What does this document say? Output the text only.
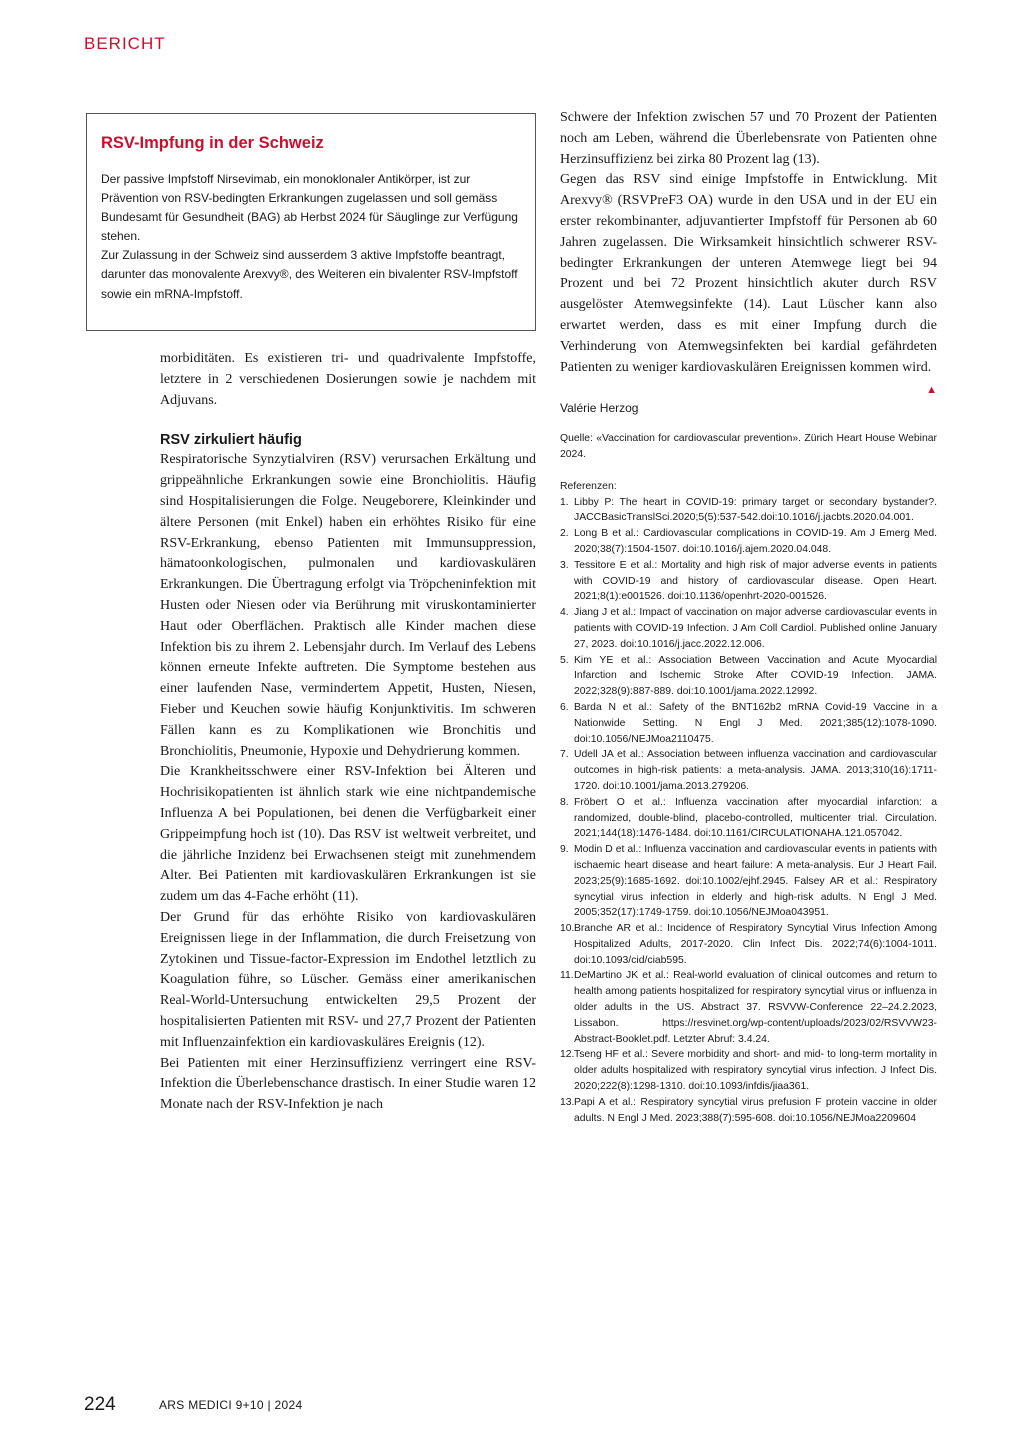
BERICHT
RSV-Impfung in der Schweiz

Der passive Impfstoff Nirsevimab, ein monoklonaler Antikörper, ist zur Prävention von RSV-bedingten Erkrankungen zugelassen und soll gemäss Bundesamt für Gesundheit (BAG) ab Herbst 2024 für Säuglinge zur Verfügung stehen.

Zur Zulassung in der Schweiz sind ausserdem 3 aktive Impfstoffe beantragt, darunter das monovalente Arexvy®, des Weiteren ein bivalenter RSV-Impfstoff sowie ein mRNA-Impfstoff.

morbiditäten. Es existieren tri- und quadrivalente Impfstoffe, letztere in 2 verschiedenen Dosierungen sowie je nachdem mit Adjuvans.

RSV zirkuliert häufig

Respiratorische Synzytialviren (RSV) verursachen Erkältung und grippeähnliche Erkrankungen sowie eine Bronchiolitis. Häufig sind Hospitalisierungen die Folge. Neugeborere, Kleinkinder und ältere Personen (mit Enkel) haben ein erhöhtes Risiko für eine RSV-Erkrankung, ebenso Patienten mit Immunsuppression, hämatoonkologischen, pulmonalen und kardiovaskulären Erkrankungen. Die Übertragung erfolgt via Tröpcheninfektion mit Husten oder Niesen oder via Berührung mit viruskontaminierter Haut oder Oberflächen. Praktisch alle Kinder machen diese Infektion bis zu ihrem 2. Lebensjahr durch. Im Verlauf des Lebens können erneute Infekte auftreten. Die Symptome bestehen aus einer laufenden Nase, vermindertem Appetit, Husten, Niesen, Fieber und Keuchen sowie häufig Konjunktivitis. Im schweren Fällen kann es zu Komplikationen wie Bronchitis und Bronchiolitis, Pneumonie, Hypoxie und Dehydrierung kommen.

Die Krankheitsschwere einer RSV-Infektion bei Älteren und Hochrisikopatienten ist ähnlich stark wie eine nichtpandemische Influenza A bei Populationen, bei denen die Verfügbarkeit einer Grippeimpfung hoch ist (10). Das RSV ist weltweit verbreitet, und die jährliche Inzidenz bei Erwachsenen steigt mit zunehmendem Alter. Bei Patienten mit kardiovaskulären Erkrankungen ist sie zudem um das 4-Fache erhöht (11).

Der Grund für das erhöhte Risiko von kardiovaskulären Ereignissen liege in der Inflammation, die durch Freisetzung von Zytokinen und Tissue-factor-Expression im Endothel letztlich zu Koagulation führe, so Lüscher. Gemäss einer amerikanischen Real-World-Untersuchung entwickelten 29,5 Prozent der hospitalisierten Patienten mit RSV- und 27,7 Prozent der Patienten mit Influenzainfektion ein kardiovaskuläres Ereignis (12).

Bei Patienten mit einer Herzinsuffizienz verringert eine RSV-Infektion die Überlebenschance drastisch. In einer Studie waren 12 Monate nach der RSV-Infektion je nach

Schwere der Infektion zwischen 57 und 70 Prozent der Patienten noch am Leben, während die Überlebensrate von Patienten ohne Herzinsuffizienz bei zirka 80 Prozent lag (13).

Gegen das RSV sind einige Impfstoffe in Entwicklung. Mit Arexvy® (RSVPreF3 OA) wurde in den USA und in der EU ein erster rekombinanter, adjuvantierter Impfstoff für Personen ab 60 Jahren zugelassen. Die Wirksamkeit hinsichtlich schwerer RSV-bedingter Erkrankungen der unteren Atemwege liegt bei 94 Prozent und bei 72 Prozent hinsichtlich akuter durch RSV ausgelöster Atemwegsinfekte (14). Laut Lüscher kann also erwartet werden, dass es mit einer Impfung durch die Verhinderung von Atemwegsinfekten bei kardial gefährdeten Patienten zu weniger kardiovaskulären Ereignissen kommen wird.
▲

Valérie Herzog
Quelle: «Vaccination for cardiovascular prevention». Zürich Heart House Webinar 2024.
Referenzen:
1. Libby P: The heart in COVID-19: primary target or secondary bystander?. JACCBasicTranslSci.2020;5(5):537-542.doi:10.1016/j.jacbts.2020.04.001.
2. Long B et al.: Cardiovascular complications in COVID-19. Am J Emerg Med. 2020;38(7):1504-1507. doi:10.1016/j.ajem.2020.04.048.
3. Tessitore E et al.: Mortality and high risk of major adverse events in patients with COVID-19 and history of cardiovascular disease. Open Heart. 2021;8(1):e001526. doi:10.1136/openhrt-2020-001526.
4. Jiang J et al.: Impact of vaccination on major adverse cardiovascular events in patients with COVID-19 Infection. J Am Coll Cardiol. Published online January 27, 2023. doi:10.1016/j.jacc.2022.12.006.
5. Kim YE et al.: Association Between Vaccination and Acute Myocardial Infarction and Ischemic Stroke After COVID-19 Infection. JAMA. 2022;328(9):887-889. doi:10.1001/jama.2022.12992.
6. Barda N et al.: Safety of the BNT162b2 mRNA Covid-19 Vaccine in a Nationwide Setting. N Engl J Med. 2021;385(12):1078-1090. doi:10.1056/NEJMoa2110475.
7. Udell JA et al.: Association between influenza vaccination and cardiovascular outcomes in high-risk patients: a meta-analysis. JAMA. 2013;310(16):1711-1720. doi:10.1001/jama.2013.279206.
8. Fröbert O et al.: Influenza vaccination after myocardial infarction: a randomized, double-blind, placebo-controlled, multicenter trial. Circulation. 2021;144(18):1476-1484. doi:10.1161/CIRCULATIONAHA.121.057042.
9. Modin D et al.: Influenza vaccination and cardiovascular events in patients with ischaemic heart disease and heart failure: A meta-analysis. Eur J Heart Fail. 2023;25(9):1685-1692. doi:10.1002/ejhf.2945. Falsey AR et al.: Respiratory syncytial virus infection in elderly and high-risk adults. N Engl J Med. 2005;352(17):1749-1759. doi:10.1056/NEJMoa043951.
10. Branche AR et al.: Incidence of Respiratory Syncytial Virus Infection Among Hospitalized Adults, 2017-2020. Clin Infect Dis. 2022;74(6):1004-1011. doi:10.1093/cid/ciab595.
11. DeMartino JK et al.: Real-world evaluation of clinical outcomes and return to health among patients hospitalized for respiratory syncytial virus or influenza in older adults in the US. Abstract 37. RSVVW-Conference 22–24.2.2023, Lissabon. https://resvinet.org/wp-content/uploads/2023/02/RSVVW23-Abstract-Booklet.pdf. Letzter Abruf: 3.4.24.
12. Tseng HF et al.: Severe morbidity and short- and mid- to long-term mortality in older adults hospitalized with respiratory syncytial virus infection. J Infect Dis. 2020;222(8):1298-1310. doi:10.1093/infdis/jiaa361.
13. Papi A et al.: Respiratory syncytial virus prefusion F protein vaccine in older adults. N Engl J Med. 2023;388(7):595-608. doi:10.1056/NEJMoa2209604
224	ARS MEDICI 9+10 | 2024
